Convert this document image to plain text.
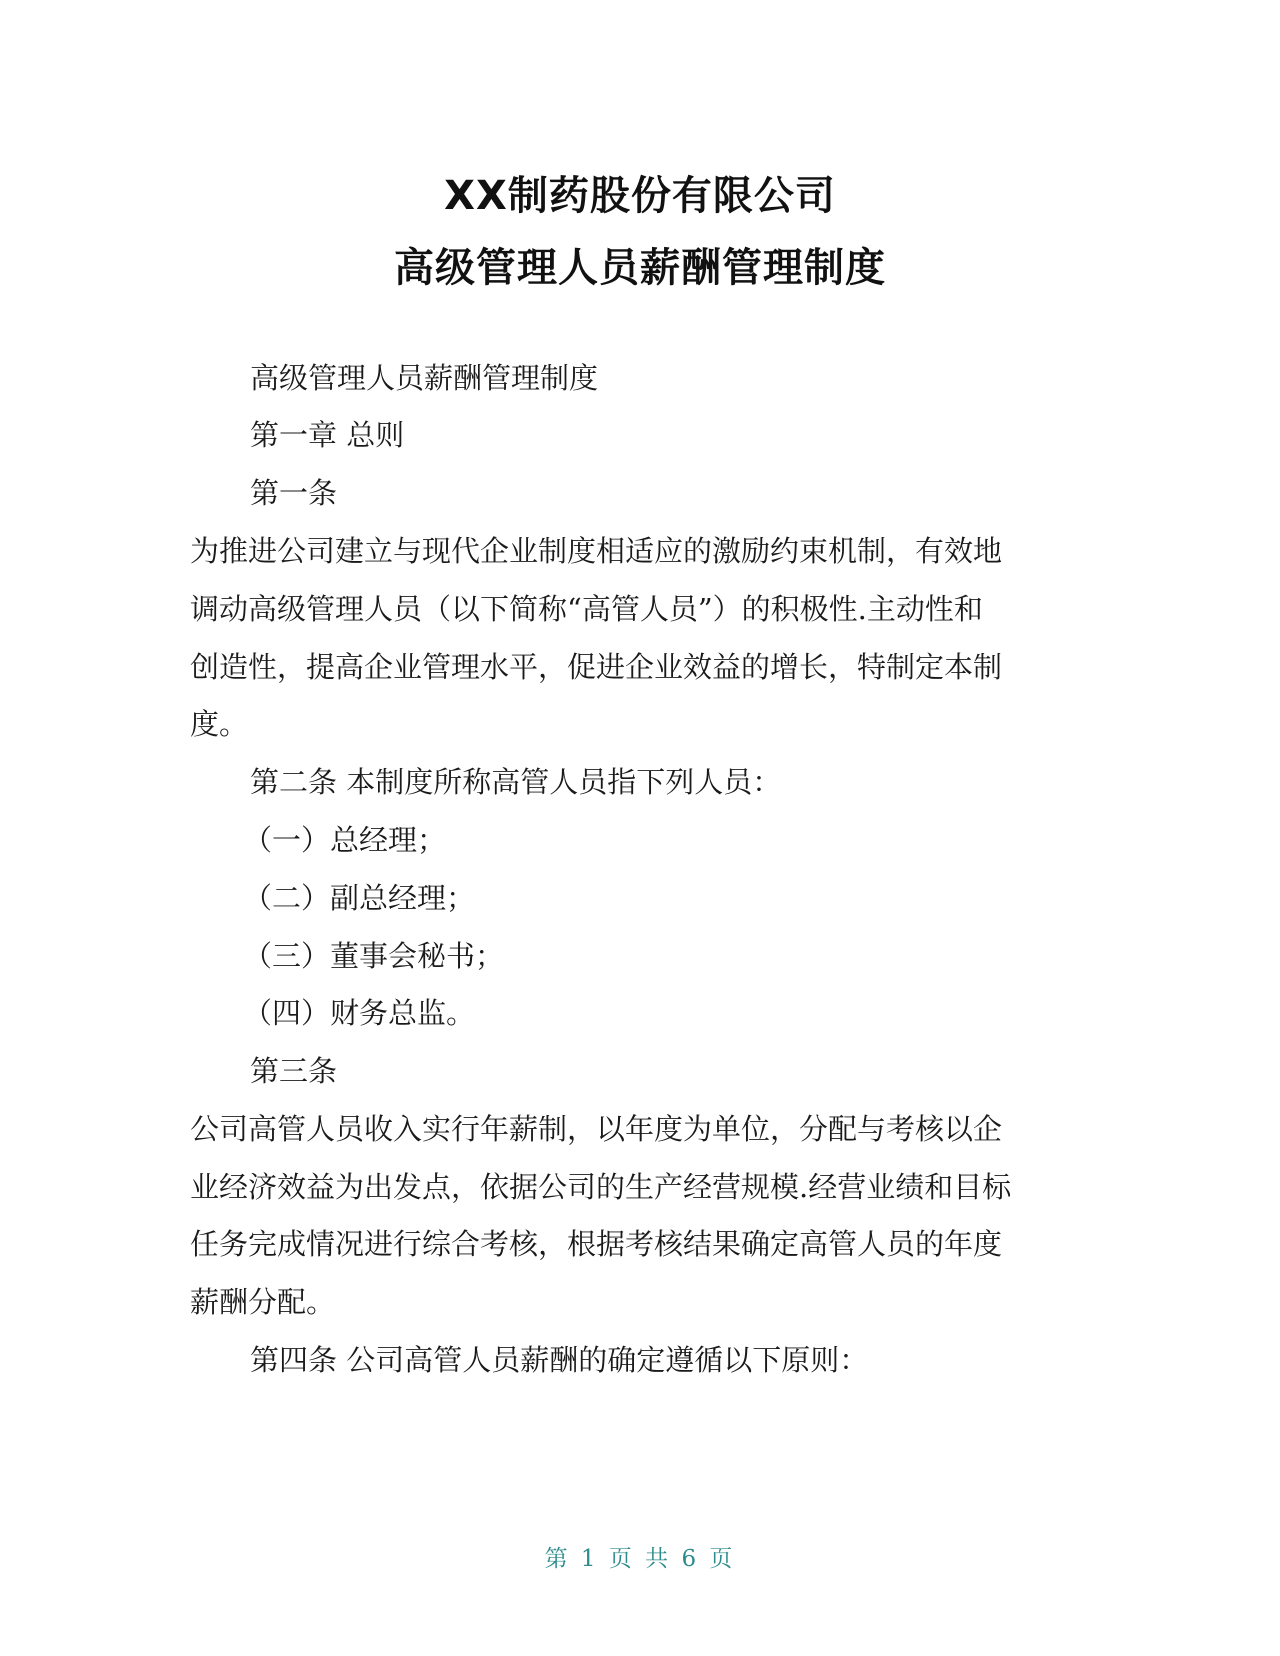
XX制药股份有限公司
高级管理人员薪酬管理制度
高级管理人员薪酬管理制度
第一章 总则
第一条
为推进公司建立与现代企业制度相适应的激励约束机制，有效地
调动高级管理人员（以下简称“高管人员”）的积极性.主动性和
创造性，提高企业管理水平，促进企业效益的增长，特制定本制
度。
第二条 本制度所称高管人员指下列人员：
（一）总经理；
（二）副总经理；
（三）董事会秘书；
（四）财务总监。
第三条
公司高管人员收入实行年薪制，以年度为单位，分配与考核以企
业经济效益为出发点，依据公司的生产经营规模.经营业绩和目标
任务完成情况进行综合考核，根据考核结果确定高管人员的年度
薪酬分配。
第四条 公司高管人员薪酬的确定遵循以下原则：
第 1 页 共 6 页
